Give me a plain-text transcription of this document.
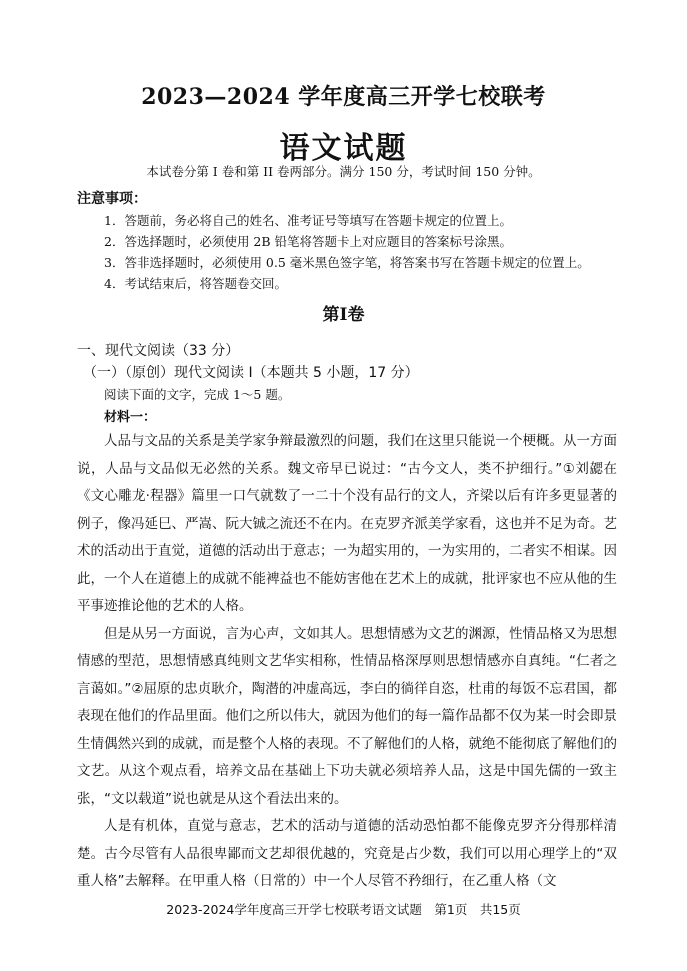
2023—2024 学年度高三开学七校联考
语文试题
本试卷分第 I 卷和第 II 卷两部分。满分 150 分，考试时间 150 分钟。
注意事项：
1．答题前，务必将自己的姓名、准考证号等填写在答题卡规定的位置上。
2．答选择题时，必须使用 2B 铅笔将答题卡上对应题目的答案标号涂黑。
3．答非选择题时，必须使用 0.5 毫米黑色签字笔，将答案书写在答题卡规定的位置上。
4．考试结束后，将答题卷交回。
第Ⅰ卷
一、现代文阅读（33 分）
（一）（原创）现代文阅读 I（本题共 5 小题，17 分）
阅读下面的文字，完成 1～5 题。
材料一：

人品与文品的关系是美学家争辩最激烈的问题，我们在这里只能说一个梗概。从一方面说，人品与文品似无必然的关系。魏文帝早已说过：“古今文人，类不护细行。”①刘勰在《文心雕龙·程器》篇里一口气就数了一二十个没有品行的文人，齐梁以后有许多更显著的例子，像冯延巳、严嵩、阮大铖之流还不在内。在克罗齐派美学家看，这也并不足为奇。艺术的活动出于直觉，道德的活动出于意志；一为超实用的，一为实用的，二者实不相谋。因此，一个人在道德上的成就不能裨益也不能妨害他在艺术上的成就，批评家也不应从他的生平事迹推论他的艺术的人格。

但是从另一方面说，言为心声，文如其人。思想情感为文艺的渊源，性情品格又为思想情感的型范，思想情感真纯则文艺华实相称，性情品格深厚则思想情感亦自真纯。“仁者之言蔼如。”②屈原的忠贞耿介，陶潜的冲虚高远，李白的徜徉自恣，杜甫的每饭不忘君国，都表现在他们的作品里面。他们之所以伟大，就因为他们的每一篇作品都不仅为某一时会即景生情偶然兴到的成就，而是整个人格的表现。不了解他们的人格，就绝不能彻底了解他们的文艺。从这个观点看，培养文品在基础上下功夫就必须培养人品，这是中国先儒的一致主张，“文以载道”说也就是从这个看法出来的。

人是有机体，直觉与意志，艺术的活动与道德的活动恐怕都不能像克罗齐分得那样清楚。古今尽管有人品很卑鄙而文艺却很优越的，究竟是占少数，我们可以用心理学上的“双重人格”去解释。在甲重人格（日常的）中一个人尽管不矜细行，在乙重人格（文

2023-2024学年度高三开学七校联考语文试题　第1页　共15页
